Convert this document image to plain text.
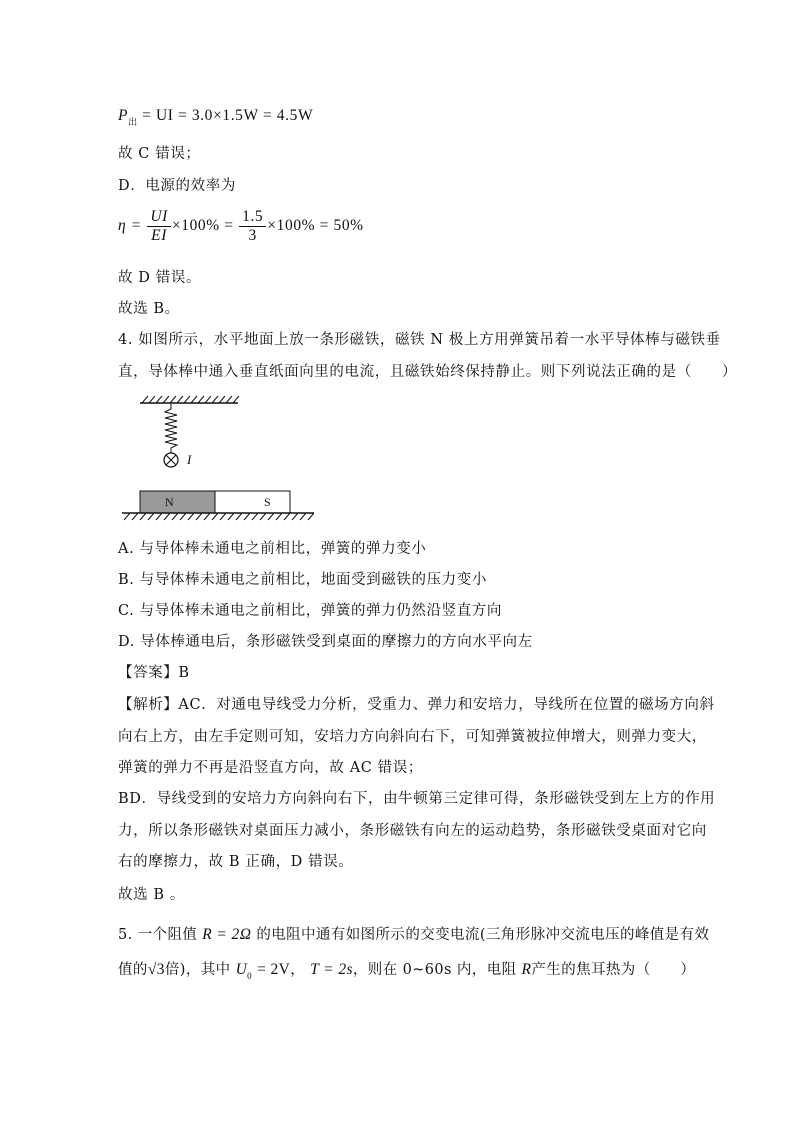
$P_出$ = UI = 3.0×1.5W = 4.5W
故 C 错误；
D．电源的效率为
$\eta = \frac{UI}{EI} \times 100\% = \frac{1.5}{3} \times 100\% = 50\%$
故 D 错误。
故选 B。
4. 如图所示，水平地面上放一条形磁铁，磁铁 N 极上方用弹簧吊着一水平导体棒与磁铁垂
直，导体棒中通入垂直纸面向里的电流，且磁铁始终保持静止。则下列说法正确的是（　　）
I
N	S
A. 与导体棒未通电之前相比，弹簧的弹力变小
B. 与导体棒未通电之前相比，地面受到磁铁的压力变小
C. 与导体棒未通电之前相比，弹簧的弹力仍然沿竖直方向
D. 导体棒通电后，条形磁铁受到桌面的摩擦力的方向水平向左
【答案】B
【解析】AC．对通电导线受力分析，受重力、弹力和安培力，导线所在位置的磁场方向斜
向右上方，由左手定则可知，安培力方向斜向右下，可知弹簧被拉伸增大，则弹力变大，
弹簧的弹力不再是沿竖直方向，故 AC 错误；
BD．导线受到的安培力方向斜向右下，由牛顿第三定律可得，条形磁铁受到左上方的作用
力，所以条形磁铁对桌面压力减小，条形磁铁有向左的运动趋势，条形磁铁受桌面对它向
右的摩擦力，故 B 正确，D 错误。
故选 B 。
5. 一个阻值 R = 2Ω 的电阻中通有如图所示的交变电流(三角形脉冲交流电压的峰值是有效
值的√3倍)，其中 $U_0 = 2V$， T = 2s，则在 0~60s 内，电阻 R产生的焦耳热为（　　）
